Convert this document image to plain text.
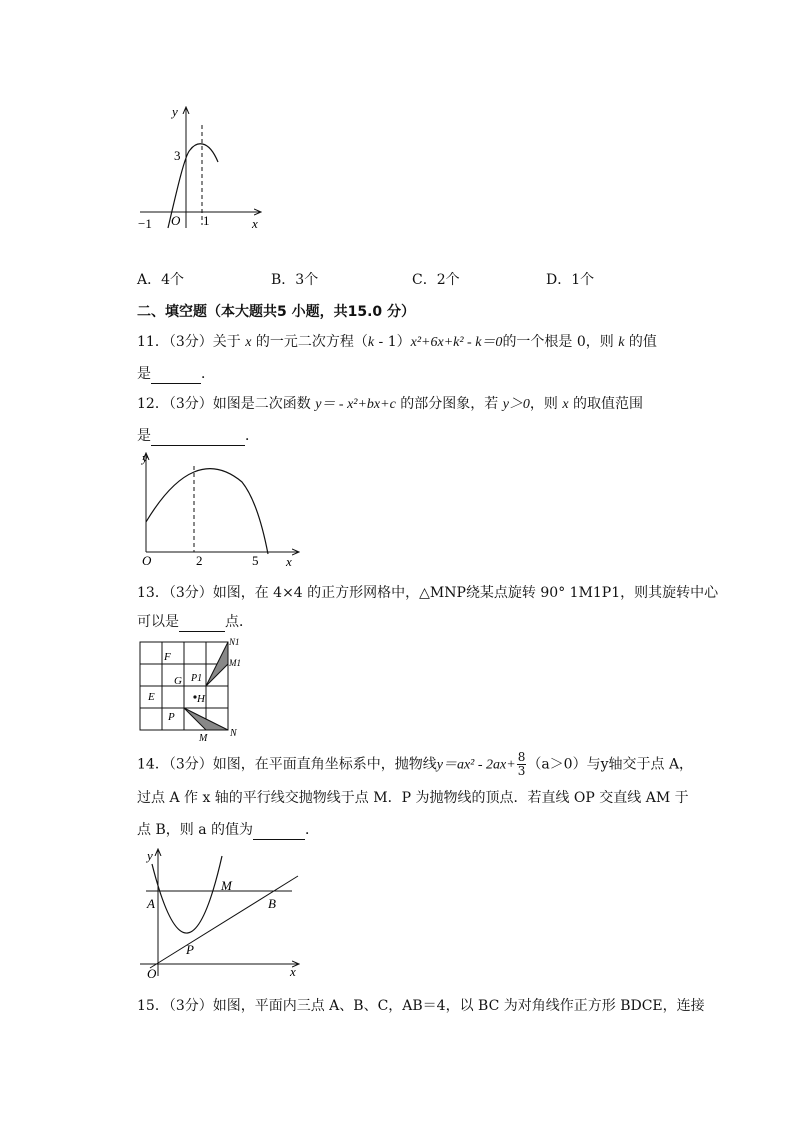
y
x
O
3
1
−1
A．4个	B．3个	C．2个	D．1个
二、填空题（本大题共5 小题，共15.0 分）
11．（3分）关于 x 的一元二次方程（k - 1）x²+6x+k² - k＝0的一个根是 0，则 k 的值
是	．
12．（3分）如图是二次函数 y＝ - x²+bx+c 的部分图象，若 y＞0，则 x 的取值范围
是	．
y
x
O	2	5
13．（3分）如图，在 4×4 的正方形网格中，△MNP绕某点旋转 90° 1M1P1，则其旋转中心
可以是	点．
F
G
E
P1
H
P
M N
N1
M1
14．（3分）如图，在平面直角坐标系中，抛物线$y=ax^2 - 2ax+ \frac{8}{3} (a>0)$与y轴交于点 A，
过点 A 作 x 轴的平行线交抛物线于点 M．P 为抛物线的顶点．若直线 OP 交直线 AM 于
点 B，则 a 的值为	．
y
x
O
A
M
B
P
15．（3分）如图，平面内三点 A、B、C，AB＝4，以 BC 为对角线作正方形 BDCE，连接
